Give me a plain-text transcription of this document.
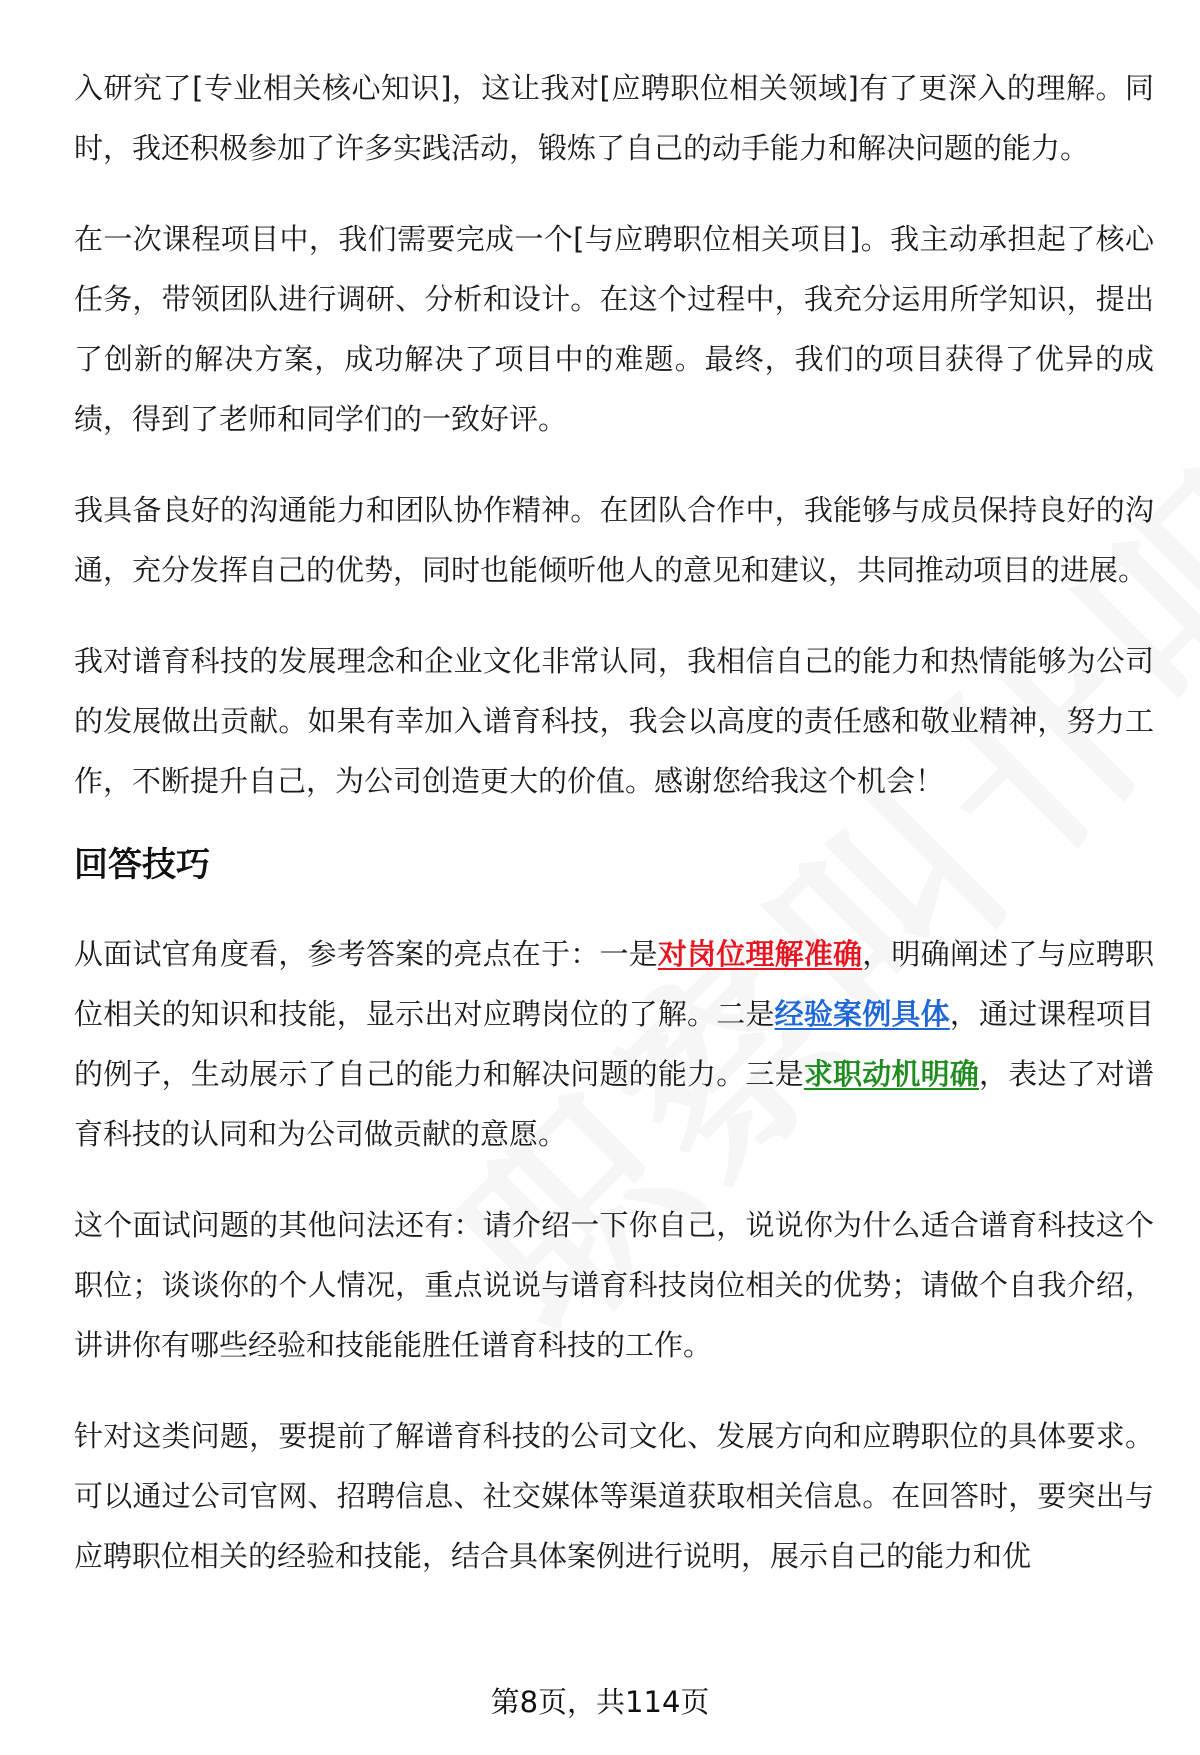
入研究了[专业相关核心知识]，这让我对[应聘职位相关领域]有了更深入的理解。同时，我还积极参加了许多实践活动，锻炼了自己的动手能力和解决问题的能力。

在一次课程项目中，我们需要完成一个[与应聘职位相关项目]。我主动承担起了核心任务，带领团队进行调研、分析和设计。在这个过程中，我充分运用所学知识，提出了创新的解决方案，成功解决了项目中的难题。最终，我们的项目获得了优异的成绩，得到了老师和同学们的一致好评。

我具备良好的沟通能力和团队协作精神。在团队合作中，我能够与成员保持良好的沟通，充分发挥自己的优势，同时也能倾听他人的意见和建议，共同推动项目的进展。

我对谱育科技的发展理念和企业文化非常认同，我相信自己的能力和热情能够为公司的发展做出贡献。如果有幸加入谱育科技，我会以高度的责任感和敬业精神，努力工作，不断提升自己，为公司创造更大的价值。感谢您给我这个机会！

回答技巧

从面试官角度看，参考答案的亮点在于：一是对岗位理解准确，明确阐述了与应聘职位相关的知识和技能，显示出对应聘岗位的了解。二是经验案例具体，通过课程项目的例子，生动展示了自己的能力和解决问题的能力。三是求职动机明确，表达了对谱育科技的认同和为公司做贡献的意愿。

这个面试问题的其他问法还有：请介绍一下你自己，说说你为什么适合谱育科技这个职位；谈谈你的个人情况，重点说说与谱育科技岗位相关的优势；请做个自我介绍，讲讲你有哪些经验和技能能胜任谱育科技的工作。

针对这类问题，要提前了解谱育科技的公司文化、发展方向和应聘职位的具体要求。可以通过公司官网、招聘信息、社交媒体等渠道获取相关信息。在回答时，要突出与应聘职位相关的经验和技能，结合具体案例进行说明，展示自己的能力和优

第8页，共114页
